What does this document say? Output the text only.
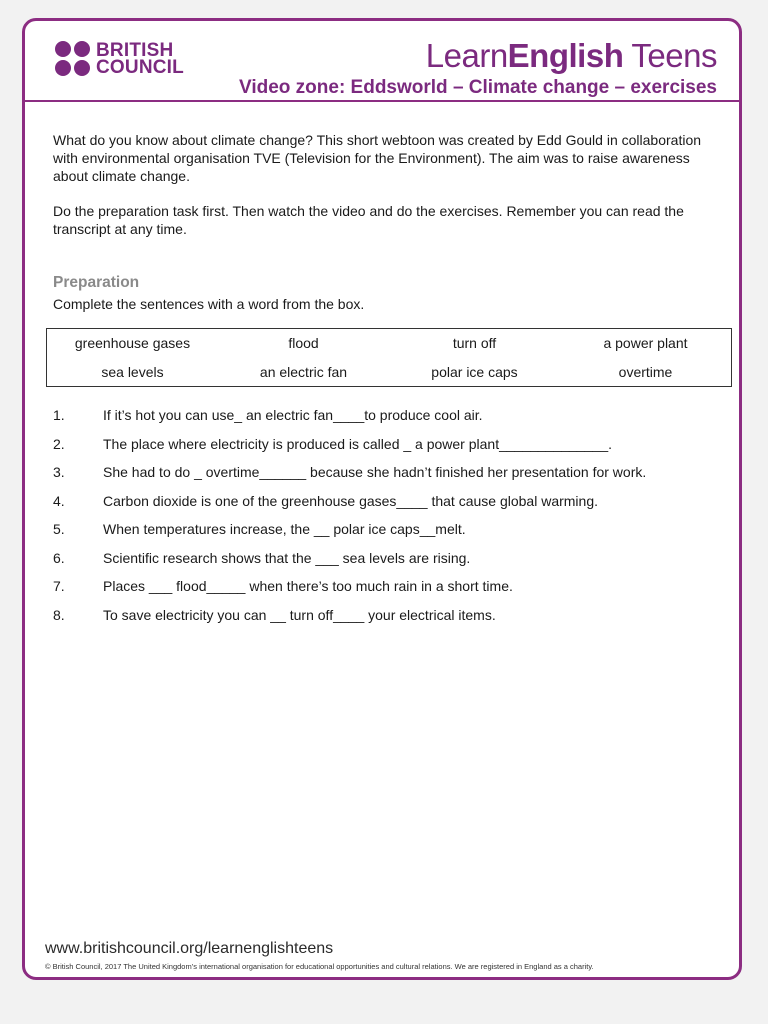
BRITISH
COUNCIL	LearnEnglish Teens
Video zone: Eddsworld – Climate change – exercises

What do you know about climate change? This short webtoon was created by Edd Gould in collaboration with environmental organisation TVE (Television for the Environment). The aim was to raise awareness about climate change.

Do the preparation task first. Then watch the video and do the exercises. Remember you can read the transcript at any time.

Preparation
Complete the sentences with a word from the box.
greenhouse gases	flood	turn off	a power plant
sea levels	an electric fan	polar ice caps	overtime
1.	If it’s hot you can use_ an electric fan____to produce cool air.
2.	The place where electricity is produced is called _ a power plant______________.
3.	She had to do _ overtime______ because she hadn’t finished her presentation for work.
4.	Carbon dioxide is one of the greenhouse gases____ that cause global warming.
5.	When temperatures increase, the __ polar ice caps__melt.
6.	Scientific research shows that the ___ sea levels are rising.
7.	Places ___ flood_____ when there’s too much rain in a short time.
8.	To save electricity you can __ turn off____ your electrical items.
www.britishcouncil.org/learnenglishteens
© British Council, 2017 The United Kingdom’s international organisation for educational opportunities and cultural relations. We are registered in England as a charity.
